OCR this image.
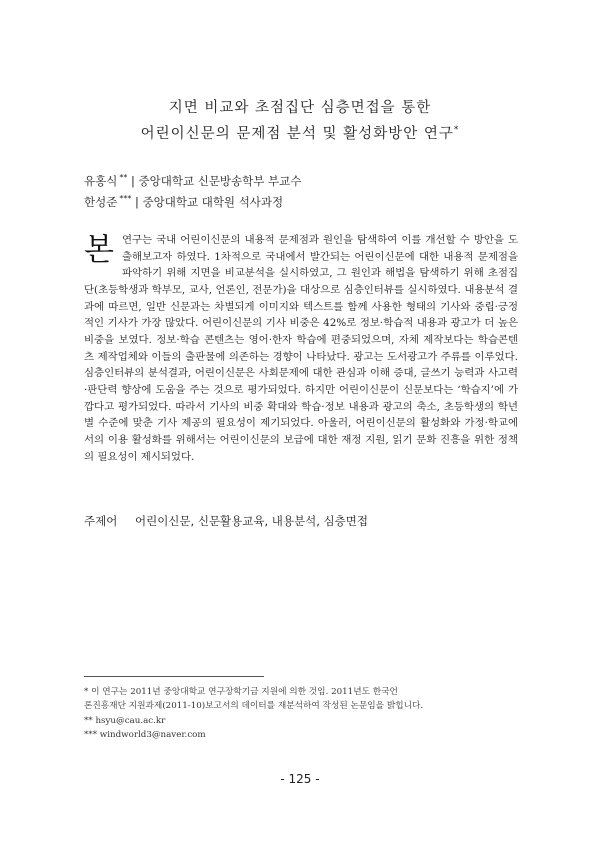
지면 비교와 초점집단 심층면접을 통한
어린이신문의 문제점 분석 및 활성화방안 연구*
유홍식 ** | 중앙대학교 신문방송학부 부교수
한성준 *** | 중앙대학교 대학원 석사과정
본 연구는 국내 어린이신문의 내용적 문제점과 원인을 탐색하여 이를 개선할 수 방안을 도출해보고자 하였다. 1차적으로 국내에서 발간되는 어린이신문에 대한 내용적 문제점을 파악하기 위해 지면을 비교분석을 실시하였고, 그 원인과 해법을 탐색하기 위해 초점집단(초등학생과 학부모, 교사, 언론인, 전문가)을 대상으로 심층인터뷰를 실시하였다. 내용분석 결과에 따르면, 일반 신문과는 차별되게 이미지와 텍스트를 함께 사용한 형태의 기사와 중립·긍정적인 기사가 가장 많았다. 어린이신문의 기사 비중은 42%로 정보·학습적 내용과 광고가 더 높은 비중을 보였다. 정보·학습 콘텐츠는 영어·한자 학습에 편중되었으며, 자체 제작보다는 학습콘텐츠 제작업체와 이들의 출판물에 의존하는 경향이 나타났다. 광고는 도서광고가 주류를 이루었다. 심층인터뷰의 분석결과, 어린이신문은 사회문제에 대한 관심과 이해 증대, 글쓰기 능력과 사고력·판단력 향상에 도움을 주는 것으로 평가되었다. 하지만 어린이신문이 신문보다는 ‘학습지’에 가깝다고 평가되었다. 따라서 기사의 비중 확대와 학습·정보 내용과 광고의 축소, 초등학생의 학년별 수준에 맞춘 기사 제공의 필요성이 제기되었다. 아울러, 어린이신문의 활성화와 가정·학교에서의 이용 활성화를 위해서는 어린이신문의 보급에 대한 재정 지원, 읽기 문화 진흥을 위한 정책의 필요성이 제시되었다.
주제어 어린이신문, 신문활용교육, 내용분석, 심층면접
* 이 연구는 2011년 중앙대학교 연구장학기금 지원에 의한 것임. 2011년도 한국언
론진흥재단 지원과제(2011-10)보고서의 데이터를 재분석하여 작성된 논문임을 밝힙니다.
** hsyu@cau.ac.kr
*** windworld3@naver.com
- 125 -
